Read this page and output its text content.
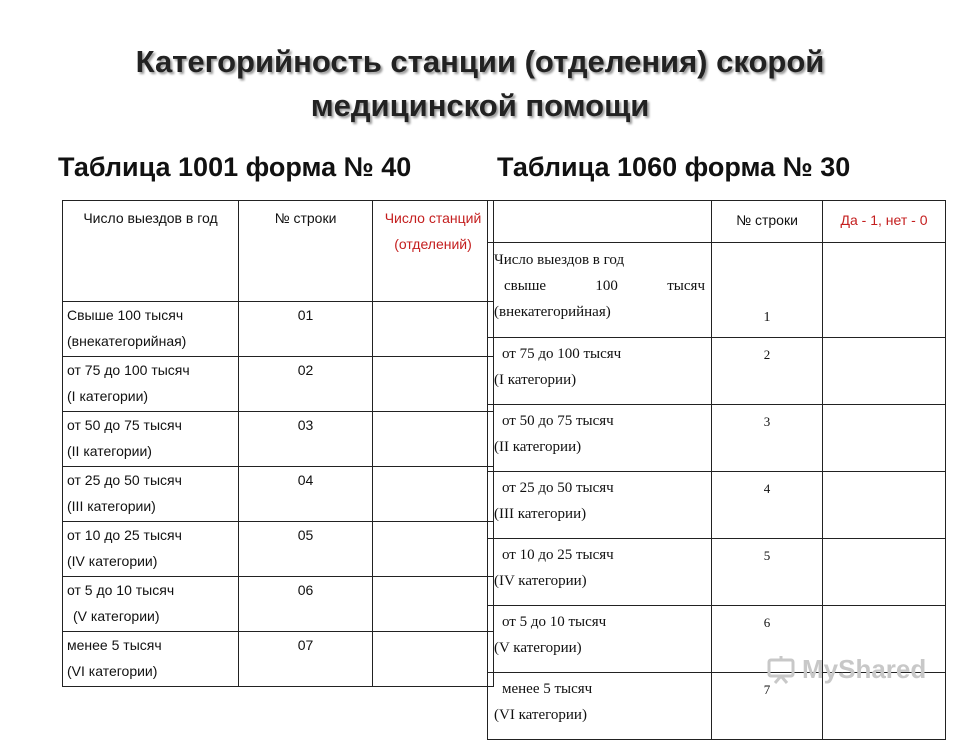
Категорийность станции (отделения) скорой
медицинской помощи
Таблица 1001 форма № 40	Таблица 1060 форма № 30
Число выездов в год	№ строки	Число станций (отделений)
Свыше 100 тысяч
(внекатегорийная)	01	
от 75 до 100 тысяч
(I категории)	02	
от 50 до 75 тысяч
(II категории)	03	
от 25 до 50 тысяч
(III категории)	04	
от 10 до 25 тысяч
(IV категории)	05	
от 5 до 10 тысяч
(V категории)	06	
менее 5 тысяч
(VI категории)	07	
	№ строки	Да - 1, нет - 0
Число выездов в год
свыше 100 тысяч
(внекатегорийная)	1	

от 75 до 100 тысяч
(I категории)	2	

от 50 до 75 тысяч
(II категории)	3	

от 25 до 50 тысяч
(III категории)	4	

от 10 до 25 тысяч
(IV категории)	5	

от 5 до 10 тысяч
(V категории)	6	

менее 5 тысяч
(VI категории)	7	
MyShared
